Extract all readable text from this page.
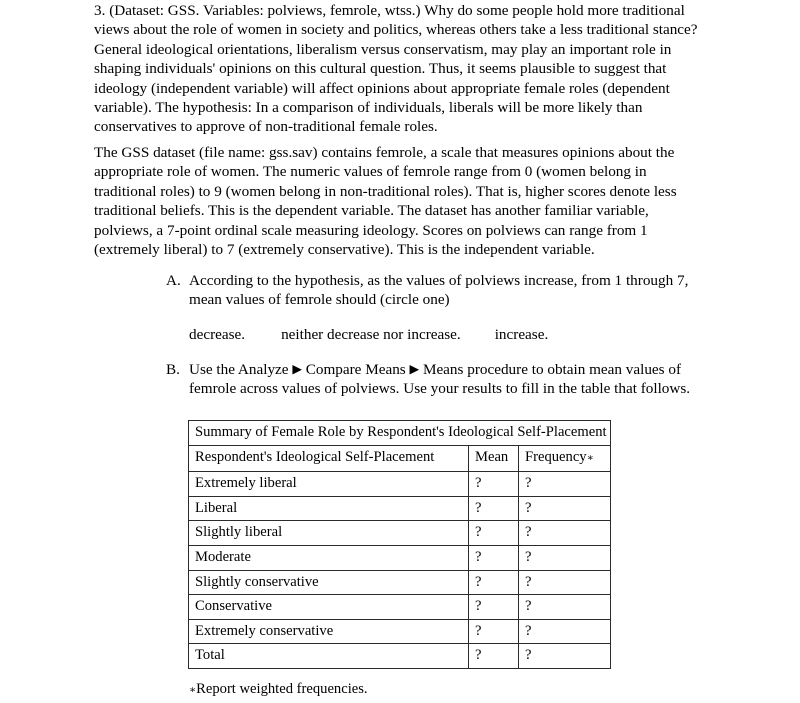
3. (Dataset: GSS. Variables: polviews, femrole, wtss.) Why do some people hold more traditional views about the role of women in society and politics, whereas others take a less traditional stance? General ideological orientations, liberalism versus conservatism, may play an important role in shaping individuals' opinions on this cultural question. Thus, it seems plausible to suggest that ideology (independent variable) will affect opinions about appropriate female roles (dependent variable). The hypothesis: In a comparison of individuals, liberals will be more likely than conservatives to approve of non-traditional female roles.

The GSS dataset (file name: gss.sav) contains femrole, a scale that measures opinions about the appropriate role of women. The numeric values of femrole range from 0 (women belong in traditional roles) to 9 (women belong in non-traditional roles). That is, higher scores denote less traditional beliefs. This is the dependent variable. The dataset has another familiar variable, polviews, a 7-point ordinal scale measuring ideology. Scores on polviews can range from 1 (extremely liberal) to 7 (extremely conservative). This is the independent variable.

A. According to the hypothesis, as the values of polviews increase, from 1 through 7, mean values of femrole should (circle one)
decrease. neither decrease nor increase. increase.
B. Use the Analyze ▶ Compare Means ▶ Means procedure to obtain mean values of femrole across values of polviews. Use your results to fill in the table that follows.
Summary of Female Role by Respondent's Ideological Self-Placement		
Respondent's Ideological Self-Placement	Mean	Frequency∗
Extremely liberal	?	?
Liberal	?	?
Slightly liberal	?	?
Moderate	?	?
Slightly conservative	?	?
Conservative	?	?
Extremely conservative	?	?
Total	?	?
∗Report weighted frequencies.
